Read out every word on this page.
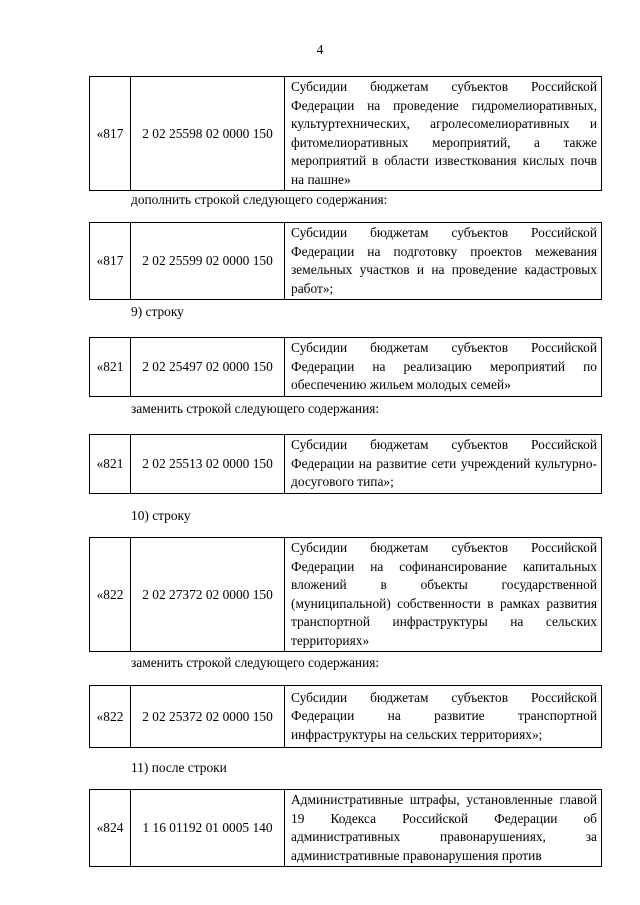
4
«817	2 02 25598 02 0000 150	Субсидии бюджетам субъектов Российской Федерации на проведение гидромелиоративных, культуртехнических, агролесомелиоративных и фитомелиоративных мероприятий, а также мероприятий в области известкования кислых почв на пашне»
дополнить строкой следующего содержания:
«817	2 02 25599 02 0000 150	Субсидии бюджетам субъектов Российской Федерации на подготовку проектов межевания земельных участков и на проведение кадастровых работ»;
9) строку
«821	2 02 25497 02 0000 150	Субсидии бюджетам субъектов Российской Федерации на реализацию мероприятий по обеспечению жильем молодых семей»
заменить строкой следующего содержания:
«821	2 02 25513 02 0000 150	Субсидии бюджетам субъектов Российской Федерации на развитие сети учреждений культурно-досугового типа»;
10) строку
«822	2 02 27372 02 0000 150	Субсидии бюджетам субъектов Российской Федерации на софинансирование капитальных вложений в объекты государственной (муниципальной) собственности в рамках развития транспортной инфраструктуры на сельских территориях»
заменить строкой следующего содержания:
«822	2 02 25372 02 0000 150	Субсидии бюджетам субъектов Российской Федерации на развитие транспортной инфраструктуры на сельских территориях»;
11) после строки
«824	1 16 01192 01 0005 140	Административные штрафы, установленные главой 19 Кодекса Российской Федерации об административных правонарушениях, за административные правонарушения против
